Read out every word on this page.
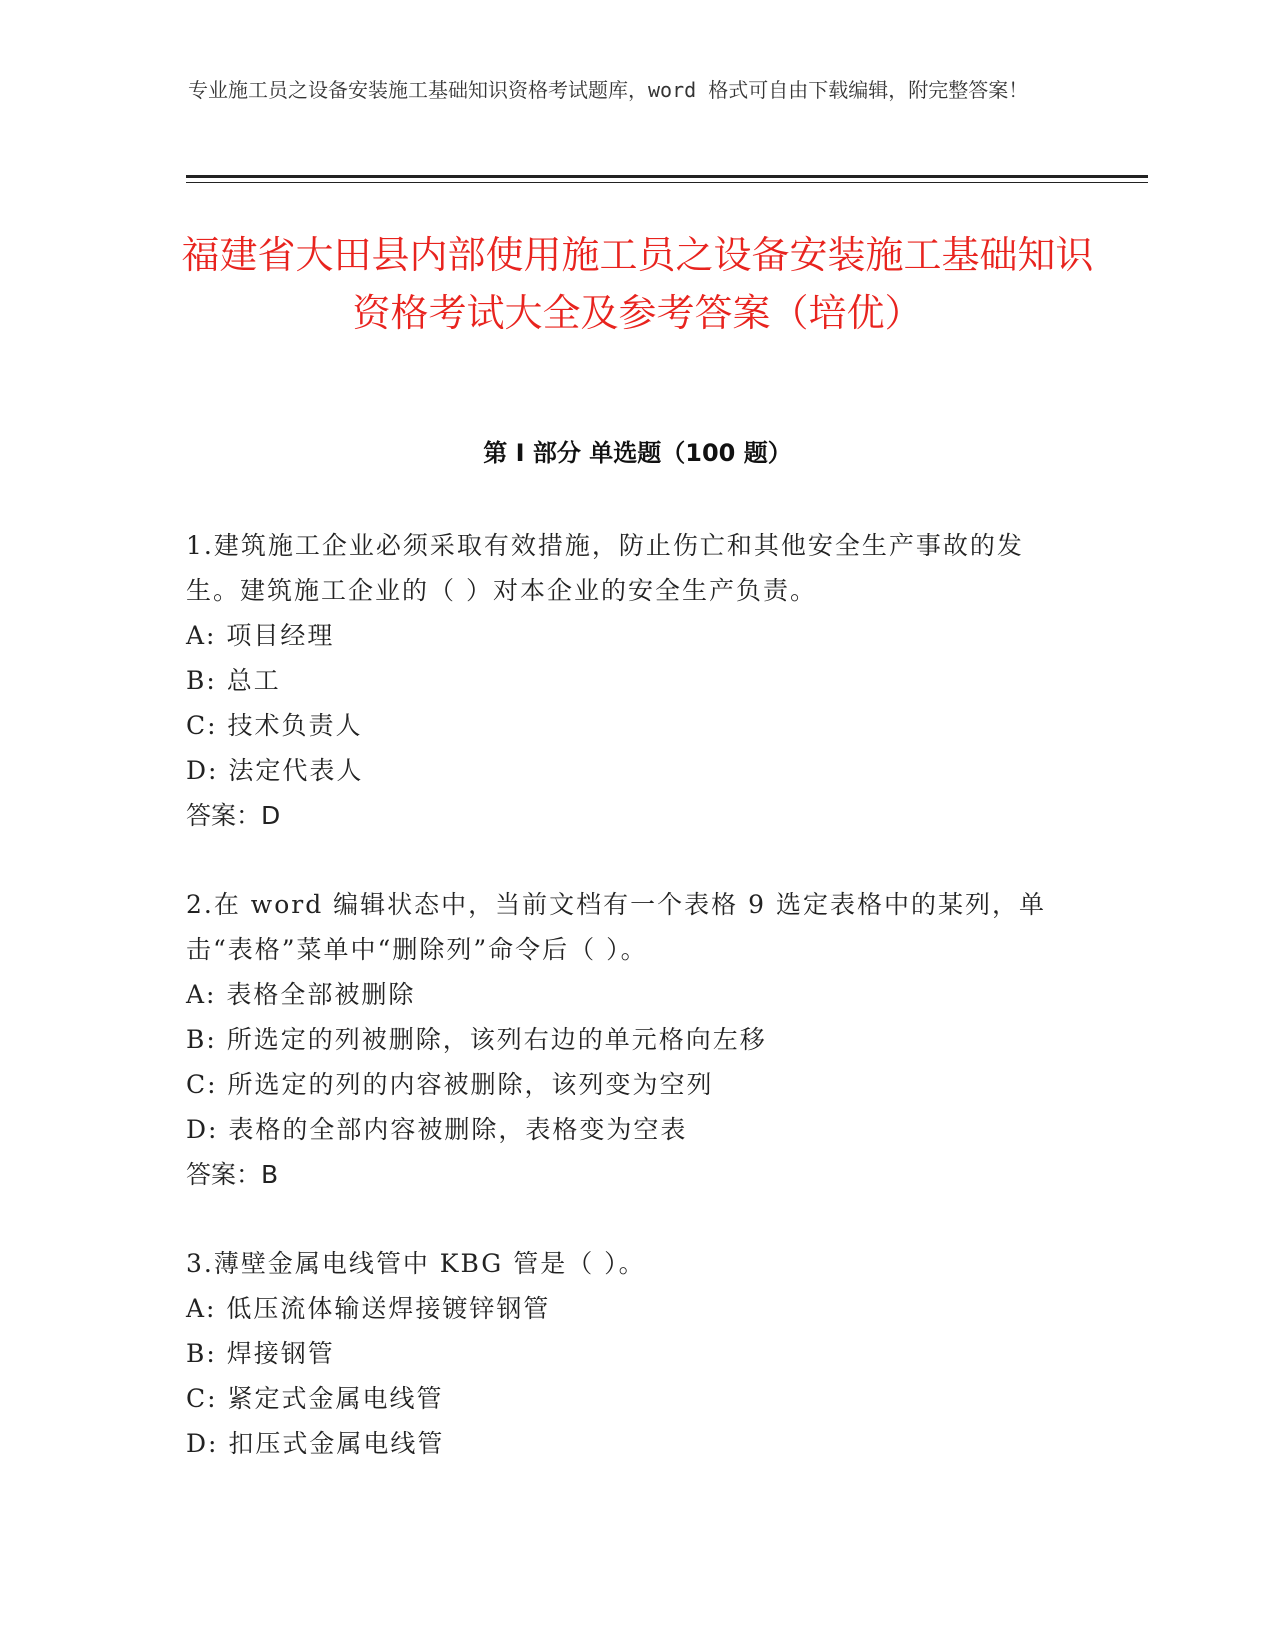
专业施工员之设备安装施工基础知识资格考试题库，word 格式可自由下载编辑，附完整答案！
福建省大田县内部使用施工员之设备安装施工基础知识资格考试大全及参考答案（培优）
第 I 部分 单选题（100 题）

1.建筑施工企业必须采取有效措施，防止伤亡和其他安全生产事故的发生。建筑施工企业的（ ）对本企业的安全生产负责。

A: 项目经理

B: 总工

C: 技术负责人

D: 法定代表人

答案：D

2.在 word 编辑状态中，当前文档有一个表格 9 选定表格中的某列，单击“表格”菜单中“删除列”命令后（ ）。

A: 表格全部被删除

B: 所选定的列被删除，该列右边的单元格向左移

C: 所选定的列的内容被删除，该列变为空列

D: 表格的全部内容被删除，表格变为空表

答案：B

3.薄壁金属电线管中 KBG 管是（ ）。

A: 低压流体输送焊接镀锌钢管

B: 焊接钢管

C: 紧定式金属电线管

D: 扣压式金属电线管
